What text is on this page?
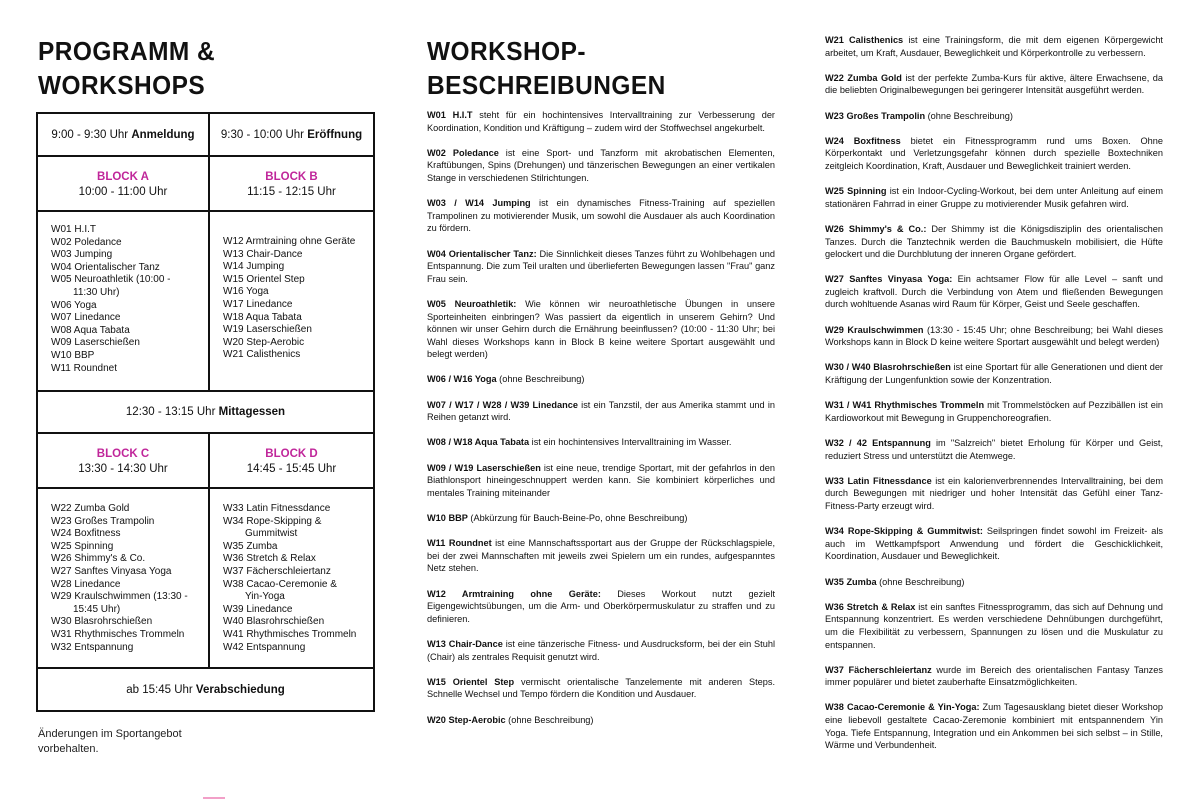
PROGRAMM &
WORKSHOPS
WORKSHOP-
BESCHREIBUNGEN
9:00 - 9:30 Uhr Anmeldung 9:30 - 10:00 Uhr Eröffnung
BLOCK A
10:00 - 11:00 Uhr
BLOCK B
11:15 - 12:15 Uhr
W01 H.I.T
W02 Poledance
W03 Jumping
W04 Orientalischer Tanz
W05 Neuroathletik (10:00 -
11:30 Uhr)
W06 Yoga
W07 Linedance
W08 Aqua Tabata
W09 Laserschießen
W10 BBP
W11 Roundnet
W12 Armtraining ohne Geräte
W13 Chair-Dance
W14 Jumping
W15 Orientel Step
W16 Yoga
W17 Linedance
W18 Aqua Tabata
W19 Laserschießen
W20 Step-Aerobic
W21 Calisthenics
12:30 - 13:15 Uhr Mittagessen
BLOCK C
13:30 - 14:30 Uhr
BLOCK D
14:45 - 15:45 Uhr
W22 Zumba Gold
W23 Großes Trampolin
W24 Boxfitness
W25 Spinning
W26 Shimmy's & Co.
W27 Sanftes Vinyasa Yoga
W28 Linedance
W29 Kraulschwimmen (13:30 -
15:45 Uhr)
W30 Blasrohrschießen
W31 Rhythmisches Trommeln
W32 Entspannung
W33 Latin Fitnessdance
W34 Rope-Skipping &
Gummitwist
W35 Zumba
W36 Stretch & Relax
W37 Fächerschleiertanz
W38 Cacao-Ceremonie &
Yin-Yoga
W39 Linedance
W40 Blasrohrschießen
W41 Rhythmisches Trommeln
W42 Entspannung
ab 15:45 Uhr Verabschiedung
Änderungen im Sportangebot vorbehalten.

W01 H.I.T steht für ein hochintensives Intervalltraining zur Verbesserung der Koordination, Kondition und Kräftigung – zudem wird der Stoffwechsel angekurbelt.

W02 Poledance ist eine Sport- und Tanzform mit akrobatischen Elementen, Kraftübungen, Spins (Drehungen) und tänzerischen Bewegungen an einer vertikalen Stange in verschiedenen Stilrichtungen.

W03 / W14 Jumping ist ein dynamisches Fitness-Training auf speziellen Trampolinen zu motivierender Musik, um sowohl die Ausdauer als auch Koordination zu fördern.

W04 Orientalischer Tanz: Die Sinnlichkeit dieses Tanzes führt zu Wohlbehagen und Entspannung. Die zum Teil uralten und überlieferten Bewegungen lassen "Frau" ganz Frau sein.

W05 Neuroathletik: Wie können wir neuroathletische Übungen in unsere Sporteinheiten einbringen? Was passiert da eigentlich in unserem Gehirn? Und können wir unser Gehirn durch die Ernährung beeinflussen? (10:00 - 11:30 Uhr; bei Wahl dieses Workshops kann in Block B keine weitere Sportart ausgewählt und belegt werden)

W06 / W16 Yoga (ohne Beschreibung)

W07 / W17 / W28 / W39 Linedance ist ein Tanzstil, der aus Amerika stammt und in Reihen getanzt wird.

W08 / W18 Aqua Tabata ist ein hochintensives Intervalltraining im Wasser.

W09 / W19 Laserschießen ist eine neue, trendige Sportart, mit der gefahrlos in den Biathlonsport hineingeschnuppert werden kann. Sie kombiniert körperliches und mentales Training miteinander

W10 BBP (Abkürzung für Bauch-Beine-Po, ohne Beschreibung)

W11 Roundnet ist eine Mannschaftssportart aus der Gruppe der Rückschlagspiele, bei der zwei Mannschaften mit jeweils zwei Spielern um ein rundes, aufgespanntes Netz stehen.

W12 Armtraining ohne Geräte: Dieses Workout nutzt gezielt Eigengewichtsübungen, um die Arm- und Oberkörpermuskulatur zu straffen und zu definieren.

W13 Chair-Dance ist eine tänzerische Fitness- und Ausdrucksform, bei der ein Stuhl (Chair) als zentrales Requisit genutzt wird.

W15 Orientel Step vermischt orientalische Tanzelemente mit anderen Steps. Schnelle Wechsel und Tempo fördern die Kondition und Ausdauer.

W20 Step-Aerobic (ohne Beschreibung)

W21 Calisthenics ist eine Trainingsform, die mit dem eigenen Körpergewicht arbeitet, um Kraft, Ausdauer, Beweglichkeit und Körperkontrolle zu verbessern.

W22 Zumba Gold ist der perfekte Zumba-Kurs für aktive, ältere Erwachsene, da die beliebten Originalbewegungen bei geringerer Intensität ausgeführt werden.

W23 Großes Trampolin (ohne Beschreibung)

W24 Boxfitness bietet ein Fitnessprogramm rund ums Boxen. Ohne Körperkontakt und Verletzungsgefahr können durch spezielle Boxtechniken zeitgleich Koordination, Kraft, Ausdauer und Beweglichkeit trainiert werden.

W25 Spinning ist ein Indoor-Cycling-Workout, bei dem unter Anleitung auf einem stationären Fahrrad in einer Gruppe zu motivierender Musik gefahren wird.

W26 Shimmy's & Co.: Der Shimmy ist die Königsdisziplin des orientalischen Tanzes. Durch die Tanztechnik werden die Bauchmuskeln mobilisiert, die Hüfte gelockert und die Durchblutung der inneren Organe gefördert.

W27 Sanftes Vinyasa Yoga: Ein achtsamer Flow für alle Level – sanft und zugleich kraftvoll. Durch die Verbindung von Atem und fließenden Bewegungen durch wohltuende Asanas wird Raum für Körper, Geist und Seele geschaffen.

W29 Kraulschwimmen (13:30 - 15:45 Uhr; ohne Beschreibung; bei Wahl dieses Workshops kann in Block D keine weitere Sportart ausgewählt und belegt werden)

W30 / W40 Blasrohrschießen ist eine Sportart für alle Generationen und dient der Kräftigung der Lungenfunktion sowie der Konzentration.

W31 / W41 Rhythmisches Trommeln mit Trommelstöcken auf Pezzibällen ist ein Kardioworkout mit Bewegung in Gruppenchoreografien.

W32 / 42 Entspannung im "Salzreich" bietet Erholung für Körper und Geist, reduziert Stress und unterstützt die Atemwege.

W33 Latin Fitnessdance ist ein kalorienverbrennendes Intervalltraining, bei dem durch Bewegungen mit niedriger und hoher Intensität das Gefühl einer Tanz-Fitness-Party erzeugt wird.

W34 Rope-Skipping & Gummitwist: Seilspringen findet sowohl im Freizeit- als auch im Wettkampfsport Anwendung und fördert die Geschicklichkeit, Koordination, Ausdauer und Beweglichkeit.

W35 Zumba (ohne Beschreibung)

W36 Stretch & Relax ist ein sanftes Fitnessprogramm, das sich auf Dehnung und Entspannung konzentriert. Es werden verschiedene Dehnübungen durchgeführt, um die Flexibilität zu verbessern, Spannungen zu lösen und die Muskulatur zu entspannen.

W37 Fächerschleiertanz wurde im Bereich des orientalischen Fantasy Tanzes immer populärer und bietet zauberhafte Einsatzmöglichkeiten.

W38 Cacao-Ceremonie & Yin-Yoga: Zum Tagesausklang bietet dieser Workshop eine liebevoll gestaltete Cacao-Zeremonie kombiniert mit entspannendem Yin Yoga. Tiefe Entspannung, Integration und ein Ankommen bei sich selbst – in Stille, Wärme und Verbundenheit.
